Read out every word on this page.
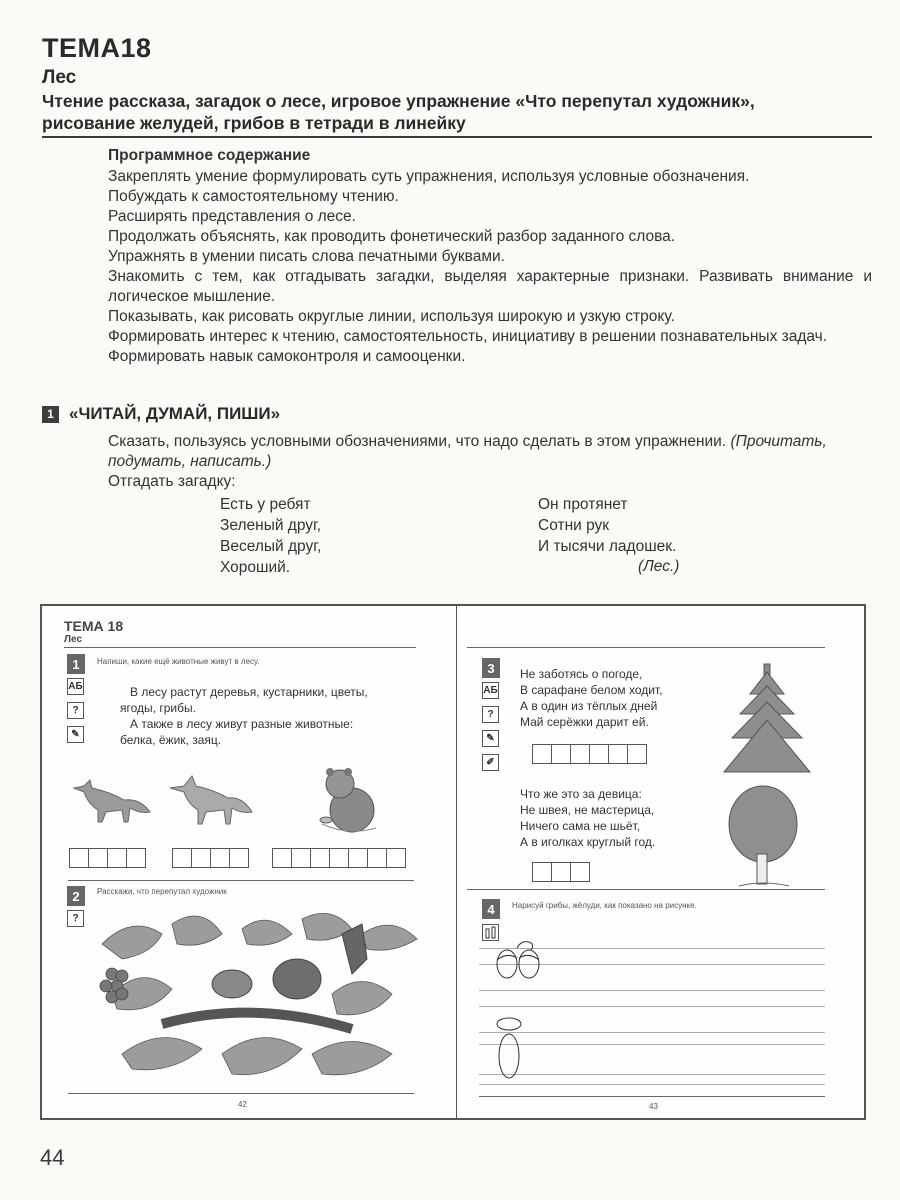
ТЕМА18
Лес
Чтение рассказа, загадок о лесе, игровое упражнение «Что перепутал художник»,
рисование желудей, грибов в тетради в линейку
Программное содержание
Закреплять умение формулировать суть упражнения, используя условные обозначения.
Побуждать к самостоятельному чтению.
Расширять представления о лесе.
Продолжать объяснять, как проводить фонетический разбор заданного слова.
Упражнять в умении писать слова печатными буквами.
Знакомить с тем, как отгадывать загадки, выделяя характерные признаки. Развивать внимание и логическое мышление.
Показывать, как рисовать округлые линии, используя широкую и узкую строку.
Формировать интерес к чтению, самостоятельность, инициативу в решении познавательных задач.
Формировать навык самоконтроля и самооценки.
1 «ЧИТАЙ, ДУМАЙ, ПИШИ»
Сказать, пользуясь условными обозначениями, что надо сделать в этом упражнении. (Прочитать, подумать, написать.)
Отгадать загадку:
Есть у ребят
Зеленый друг,
Веселый друг,
Хороший.
Он протянет
Сотни рук
И тысячи ладошек.
(Лес.)
ТЕМА 18
Лес
1	Напиши, какие ещё животные живут в лесу.
АБ
?
✎
В лесу растут деревья, кустарники, цветы,
ягоды, грибы.
А также в лесу живут разные животные:
белка, ёжик, заяц.
2	Расскажи, что перепутал художник
?
42
3
АБ
?
✎
✐
Не заботясь о погоде,
В сарафане белом ходит,
А в один из тёплых дней
Май серёжки дарит ей.
Что же это за девица:
Не швея, не мастерица,
Ничего сама не шьёт,
А в иголках круглый год.
4	Нарисуй грибы, жёлуди, как показано на рисунке.
43
44
